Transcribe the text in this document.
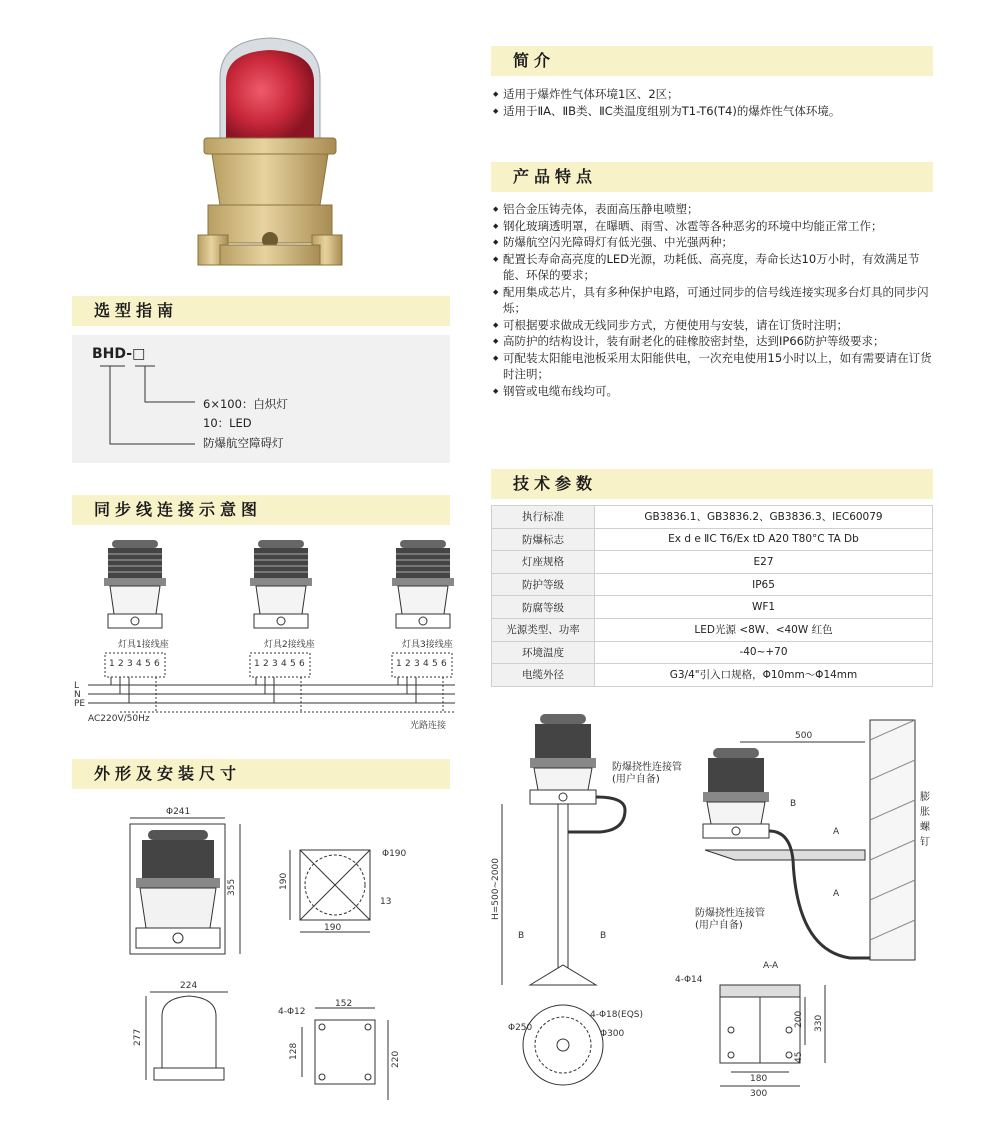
简介
产品特点
技术参数
选型指南
同步线连接示意图
外形及安装尺寸
◆ 适用于爆炸性气体环境1区、2区；
◆ 适用于ⅡA、ⅡB类、ⅡC类温度组别为T1-T6(T4)的爆炸性气体环境。
◆ 铝合金压铸壳体，表面高压静电喷塑；
◆ 钢化玻璃透明罩，在曝晒、雨雪、冰雹等各种恶劣的环境中均能正常工作；
◆ 防爆航空闪光障碍灯有低光强、中光强两种；
◆ 配置长寿命高亮度的LED光源，功耗低、高亮度，寿命长达10万小时，有效满足节能、环保的要求；
◆ 配用集成芯片，具有多种保护电路，可通过同步的信号线连接实现多台灯具的同步闪烁；
◆ 可根据要求做成无线同步方式，方便使用与安装，请在订货时注明；
◆ 高防护的结构设计，装有耐老化的硅橡胶密封垫，达到IP66防护等级要求；
◆ 可配装太阳能电池板采用太阳能供电，一次充电使用15小时以上，如有需要请在订货时注明；
◆ 钢管或电缆布线均可。
BHD-□
6×100：白炽灯
10：LED
防爆航空障碍灯
执行标准	GB3836.1、GB3836.2、GB3836.3、IEC60079
防爆标志	Ex d e ⅡC T6/Ex tD A20 T80°C TA Db
灯座规格	E27
防护等级	IP65
防腐等级	WF1
光源类型、功率	LED光源 <8W、<40W 红色
环境温度	-40~+70
电缆外径	G3/4"引入口规格，Φ10mm～Φ14mm
灯具1接线座	灯具2接线座	灯具3接线座
1 2 3 4 5 6	1 2 3 4 5 6	1 2 3 4 5 6
L
N
PE
AC220V/50Hz
光路连接
Φ241
355
Φ190
190
190
13
224
277
4-Φ12
152
128	220
防爆挠性连接管
(用户自备)
H=500~2000
B	B
Φ250
4-Φ18(EQS)
Φ300
500
膨
胀
螺
钉
B
A
A
防爆挠性连接管
(用户自备)
A-A
4-Φ14
200 330
45
180
300
